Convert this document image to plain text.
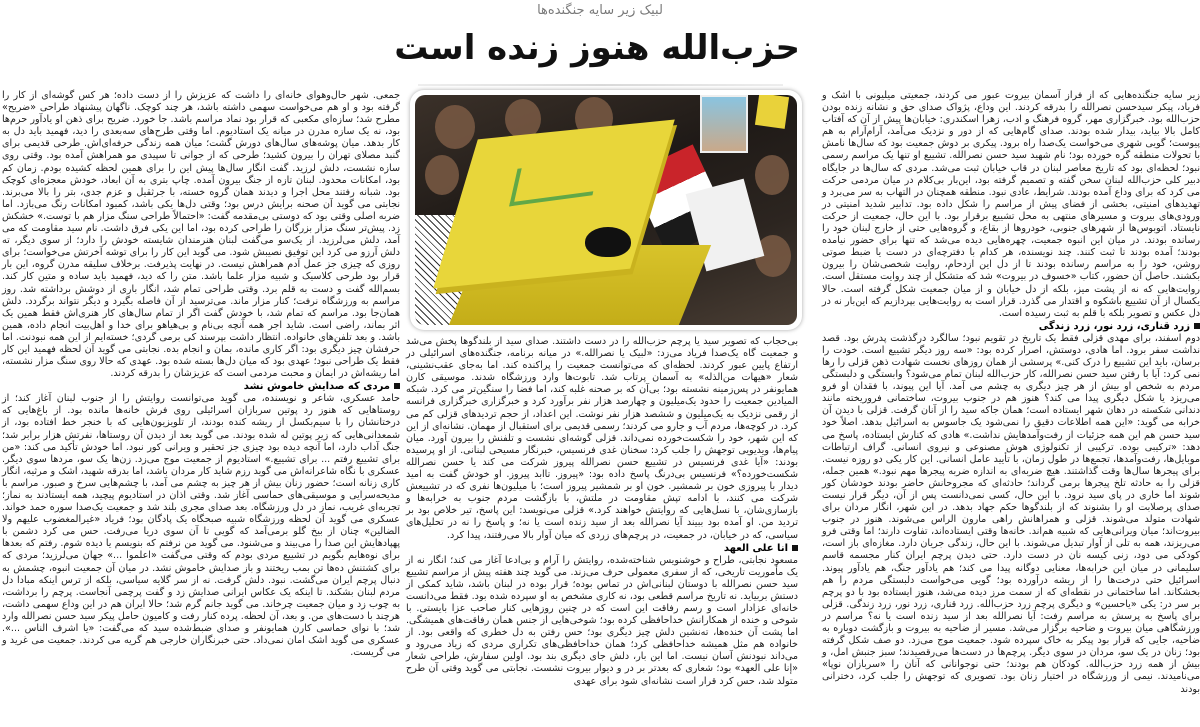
لبیک زیر سایه جنگنده‌ها
حزب‌الله هنوز زنده است

زیر سایه جنگنده‌هایی که از فراز آسمان بیروت عبور می کردند، جمعیتی میلیونی با اشک و فریاد، پیکر سیدحسن نصرالله را بدرقه کردند. این وداع، پژواک صدای حق و نشانه زنده بودن حزب‌الله بود. خبرگزاری مهر، گروه فرهنگ و ادب، زهرا اسکندری: خیابان‌ها پیش از آن که آفتاب کامل بالا بیاید، بیدار شده بودند. صدای گام‌هایی که از دور و نزدیک می‌آمد، آرام‌آرام به هم پیوست؛ گویی شهری می‌خواست یک‌صدا راه برود. پیکری بر دوش جمعیت بود که سال‌ها نامش با تحولات منطقه گره خورده بود؛ نام شهید سید حسن نصرالله. تشییع او تنها یک مراسم رسمی نبود؛ لحظه‌ای بود که تاریخ معاصر لبنان در قاب خیابان ثبت می‌شد. مردی که سال‌ها در جایگاه دبیر کلی حزب‌الله لبنان سخن گفته و تصمیم گرفته بود، این‌بار بی‌کلام در میان مردمی حرکت می کرد که برای وداع آمده بودند. شرایط، عادی نبود. منطقه همچنان در التهاب به سر می‌برد و تهدیدهای امنیتی، بخشی از فضای پیش از مراسم را شکل داده بود. تدابیر شدید امنیتی در ورودی‌های بیروت و مسیرهای منتهی به محل تشییع برقرار بود. با این حال، جمعیت از حرکت نایستاد. اتوبوس‌ها از شهرهای جنوبی، خودروها از بقاع، و گروه‌هایی حتی از خارج لبنان خود را رسانده بودند. در میان این انبوه جمعیت، چهره‌هایی دیده می‌شد که تنها برای حضور نیامده بودند؛ آمده بودند تا ثبت کنند. چند نویسنده، هر کدام با دفترچه‌ای در دست یا ضبط صوتی روشن، خود را به مراسم رسانده بودند تا از دل این ازدحام، روایت شخصی‌شان را بیرون بکشند. حاصل آن حضور، کتاب «خسوف در بیروت» شد که متشکل از چند روایت مستقل است. روایت‌هایی که نه از پشت میز، بلکه از دل خیابان و از میان جمعیت شکل گرفته است. حالا یکسال از آن تشییع باشکوه و اقتدار می گذرد. قرار است به روایت‌هایی بپردازیم که این‌بار نه در دل عکس و تصویر بلکه با قلم به ثبت رسیده است.

زرد قناری، زرد نور، زرد زندگی

دوم اسفند، برای مهدی قزلی فقط یک تاریخ در تقویم نبود؛ سالگرد درگذشت پدرش بود. قصد نداشت سفر برود. اما هادی، دوستش، اصرار کرده بود: «سه روز دیگر تشییع است. خودت را برسان، باید این تشییع را درک کنی.» پرسشی از همان روزهای نخست شهادت ذهن قزلی را رها نمی کرد: آیا با رفتن سید حسن نصرالله، کار حزب‌الله لبنان تمام می‌شود؟ وابستگی و دلبستگی مردم به شخص او بیش از هر چیز دیگری به چشم می آمد. آیا این پیوند، با فقدان او فرو می‌ریزد یا شکل دیگری پیدا می کند؟ هنوز هم در جنوب بیروت، ساختمانی فروریخته مانند دندانی شکسته در دهان شهر ایستاده است؛ همان جاکه سید را از آنان گرفت. قزلی با دیدن آن خرابه می گوید: «این همه اطلاعات دقیق را نمی‌شود یک جاسوس به اسرائیل بدهد. اصلاً خود سید حسن هم این همه جزئیات از رفت‌وآمدهایش نداشت.» هادی که کنارش ایستاده، پاسخ می دهد: «ترکیبی بوده. ترکیبی از تکنولوژی هوش مصنوعی و نیروی انسانی. گراف ارتباطات موبایل‌ها، رفت‌وآمدها، تجمع‌ها در طول زمان، با تأیید عامل انسانی. این کار یکی دو روزه نیست. برای پیجرها سال‌ها وقت گذاشتند. هیچ ضربه‌ای به اندازه ضربه پیجرها مهم نبود.» همین جمله، قزلی را به حادثه تلخ پیجرها برمی گرداند؛ حادثه‌ای که مجروحانش حاضر بودند خودشان کور شوند اما خاری در پای سید نرود. با این حال، کسی نمی‌دانست پس از آن، دیگر قرار نیست صدای پرصلابت او را بشنوند که از بلندگوها حکم جهاد بدهد. در این شهر، انگار مردان برای شهادت متولد می‌شوند. قزلی و همراهانش راهی مارون الراس می‌شوند. هنوز در جنوب بیروت‌اند؛ میان ویرانی‌هایی که شبیه هم‌اند. خانه‌ها وقتی ایستاده‌اند، تفاوت دارند؛ اما وقتی فرو می‌ریزند، همه به تلی از آوار تبدیل می‌شوند. با این حال، زندگی جریان دارد. مغازه‌ای باز است، کودکی می دود، زنی کیسه نان در دست دارد. حتی دیدن پرچم ایران کنار مجسمه قاسم سلیمانی در میان این خرابه‌ها، معنایی دوگانه پیدا می کند؛ هم یادآور جنگ، هم یادآور پیوند. اسرائیل حتی درخت‌ها را از ریشه درآورده بود؛ گویی می‌خواست دلبستگی مردم را هم بخشکاند. اما ساختمانی در نقطه‌ای که از سمت مرز دیده می‌شد، هنوز ایستاده بود با دو پرچم بر سر در: یکی «یاحسین» و دیگری پرچم زرد حزب‌الله. زرد قناری، زرد نور، زرد زندگی. قزلی برای پاسخ به پرسش به مراسم رفت: آیا نصرالله بعد از سید زنده است یا نه؟ مراسم در ورزشگاهی میان بیروت و ضاحیه برگزار می‌شد. مسیر از ضاحیه به بیروت و بازگشت دوباره به ضاحیه، جایی که قرار بود پیکر به خاک سپرده شود. جمعیت موج می‌زد. دو صف شکل گرفته بود؛ زنان در یک سو، مردان در سوی دیگر. پرچم‌ها در دست‌ها می‌رقصیدند؛ سبز جنبش امل، و بیش از همه زرد حزب‌الله. کودکان هم بودند؛ حتی نوجوانانی که آنان را «سربازان نوپا» می‌نامیدند. نیمی از ورزشگاه در اختیار زنان بود. تصویری که توجهش را جلب کرد، دخترانی بودند

بی‌حجاب که تصویر سید یا پرچم حزب‌الله را در دست داشتند. صدای سید از بلندگوها پخش می‌شد و جمعیت گاه یک‌صدا فریاد می‌زد: «لبیک یا نصرالله.» در میانه برنامه، جنگنده‌های اسرائیلی در ارتفاع پایین عبور کردند. لحظه‌ای که می‌توانست جمعیت را پراکنده کند. اما به‌جای عقب‌نشینی، شعار «هیهات من‌الذله» به آسمان پرتاب شد. تابوت‌ها وارد ورزشگاه شدند. موسیقی کارن همایونفر در پس‌زمینه نشسته بود؛ بی‌آن که بر صحنه غلبه کند، اما فضا را سنگین‌تر می کرد. شبکه المیادین جمعیت را حدود یک‌میلیون و چهارصد هزار نفر برآورد کرد و خبرگزاری خبرگزاری فرانسه از رقمی نزدیک به یک‌میلیون و ششصد هزار نفر نوشت. این اعداد، از حجم تردیدهای قزلی کم می کرد. در کوچه‌ها، مردم آب و جارو می کردند؛ رسمی قدیمی برای استقبال از مهمان. نشانه‌ای از این که این شهر، خود را شکست‌خورده نمی‌داند. قزلی گوشه‌ای نشست و تلفنش را بیرون آورد. میان پیام‌ها، ویدیویی توجهش را جلب کرد: سخنان غدی فرنسیس، خبرنگار مسیحی لبنانی. از او پرسیده بودند: «آیا غدی فرنسیس در تشییع حسن نصرالله پیروز شرکت می کند یا حسن نصرالله شکست‌خورده؟» فرنسیس بی‌درنگ پاسخ داده بود: «پیروز. تاابد پیروز. او خودش گفت به امید دیدار با پیروزی خون بر شمشیر. خون او بر شمشیر پیروز است؛ با میلیون‌ها نفری که در تشییعش شرکت می کنند، با ادامه تپش مقاومت در ملتش، با بازگشت مردم جنوب به خرابه‌ها و بازسازی‌شان، با نسل‌هایی که روایتش خواهند کرد.» قزلی می‌نویسد: این پاسخ، تیر خلاص بود بر تردید من. او آمده بود ببیند آیا نصرالله بعد از سید زنده است یا نه؛ و پاسخ را نه در تحلیل‌های سیاسی، که در خیابان، در جمعیت، در پرچم‌های زردی که میان آوار بالا می‌رفتند، پیدا کرد.

انا علی العهد

مسعود نجابتی، طراح و خوشنویس شناخته‌شده، روایتش را آرام و بی‌ادعا آغاز می کند؛ انگار نه از یک مأموریت تاریخی، که از سفری معمولی حرف می‌زند. می گوید چند هفته پیش از مراسم تشییع سید حسن نصرالله با دوستان لبنانی‌اش در تماس بوده؛ قرار بوده در لبنان باشد، شاید کمکی از دستش بربیاید. نه تاریخ مراسم قطعی بود، نه کاری مشخص به او سپرده شده بود. فقط می‌دانست خانه‌ای عزادار است و رسم رفاقت این است که در چنین روزهایی کنار صاحب عزا بایستی. با شوخی و خنده از همکارانش خداحافظی کرده بود؛ شوخی‌هایی از جنس همان رفاقت‌های همیشگی. اما پشت آن خنده‌ها، ته‌نشین دلش چیز دیگری بود؛ حس رفتن به دل خطری که واقعی بود. از خانواده هم مثل همیشه خداحافظی کرد؛ همان خداحافظی‌های تکراری مردی که زیاد می‌رود و می‌داند نبودنش آسان نیست. اما این بار، دلش جای دیگری بند بود. اولین سفارش، طراحی شعار «إنا علی العهد» بود؛ شعاری که بعدتر بر در و دیوار بیروت نشست. نجابتی می گوید وقتی آن طرح متولد شد، حس کرد قرار است نشانه‌ای شود برای عهدی

جمعی. شهر حال‌وهوای خانه‌ای را داشت که عزیزش را از دست داده؛ هر کس گوشه‌ای از کار را گرفته بود و او هم می‌خواست سهمی داشته باشد، هر چند کوچک. ناگهان پیشنهاد طراحی «ضریح» مطرح شد؛ سازه‌ای مکعبی که قرار بود نماد مراسم باشد. جا خورد. ضریح برای ذهن او یادآور حرم‌ها بود، نه یک سازه مدرن در میانه یک استادیوم. اما وقتی طرح‌های سه‌بعدی را دید، فهمید باید دل به کار بدهد. میان پوشه‌های سال‌های دورش گشت؛ میان همه زندگی حرفه‌ای‌اش. طرحی قدیمی برای گنبد مصلای تهران را بیرون کشید؛ طرحی که از جوانی تا سپیدی مو همراهش آمده بود. وقتی روی سازه نشست، دلش لرزید. گفت انگار سال‌ها پیش این را برای همین لحظه کشیده بودم. زمان کم بود، امکانات محدود. لبنان تازه از جنگ بیرون آمده. چاپ بتری به آن ابعاد، خودش معجزه‌ای کوچک بود. شبانه رفتند محل اجرا و دیدند همان گروه خسته، با جرثقیل و عزم جدی، بتر را بالا می‌برند. نجابتی می گوید آن صحنه برایش درس بود؛ وقتی دل‌ها یکی باشد، کمبود امکانات رنگ می‌بازد. اما ضربه اصلی وقتی بود که دوستی بی‌مقدمه گفت: «احتمالاً طراحی سنگ مزار هم با توست.» خشکش زد. پیش‌تر سنگ مزار بزرگان را طراحی کرده بود، اما این یکی فرق داشت. نام سید مقاومت که می آمد، دلش می‌لرزید. از یک‌سو می‌گفت لبنان هنرمندان شایسته خودش را دارد؛ از سوی دیگر، ته دلش آرزو می کرد این توفیق نصیبش شود. می گوید این کار را برای توشه آخرتش می‌خواست؛ برای روزی که چیزی جز عمل آدم همراهش نیست. در نهایت پذیرفت. برخلاف سلیقه مدرن گروه، این بار قرار بود طرحی کلاسیک و شبیه مزار علما باشد. متن را که دید، فهمید باید ساده و متین کار کند. بسم‌الله گفت و دست به قلم برد. وقتی طراحی تمام شد، انگار باری از دوشش برداشته شد. روز مراسم به ورزشگاه نرفت؛ کنار مزار ماند. می‌ترسید از آن فاصله بگیرد و دیگر نتواند برگردد. دلش همان‌جا بود. مراسم که تمام شد، با خودش گفت اگر از تمام سال‌های کار هنری‌اش فقط همین یک اثر بماند، راضی است. شاید اجر همه آنچه بی‌نام و بی‌هیاهو برای خدا و اهل‌بیت انجام داده، همین باشد. و بعد تلفن‌های خانواده. انتظار داشت بپرسند کی برمی گردی؛ خسته‌ایم از این همه نبودنت. اما حرفشان چیز دیگری بود: اگر کاری مانده، بمان و انجام بده. نجابتی می گوید آن لحظه فهمید این کار فقط یک طراحی نبود؛ عهدی بود که میان دل‌ها بسته شده بود. عهدی که حالا روی سنگ مزار نشسته، اما ریشه‌اش در ایمان و محبت مردمی است که عزیزشان را بدرقه کردند.

مردی که صدایش خاموش نشد

حامد عسکری، شاعر و نویسنده، می گوید می‌توانست روایتش را از جنوب لبنان آغاز کند؛ از روستاهایی که هنوز رد پوتین سربازان اسرائیلی روی فرش خانه‌ها مانده بود. از باغ‌هایی که درختانشان را با سیم‌بکسل از ریشه کنده بودند، از تلویزیون‌هایی که با خنجر خط افتاده بود، از شمعدانی‌هایی که زیر پوتین له شده بودند. می گوید بعد از دیدن آن روستاها، نفرتش هزار برابر شد؛ جنگ آداب دارد، اما آنچه دیده بود چیزی جز تحقیر و ویرانی کور نبود. اما خودش تأکید می کند: «من برای تشییع رفتم ... برای تشییع.» استادیوم از جمعیت موج می‌زد. زن‌ها یک سو، مردها سوی دیگر. عسکری با نگاه شاعرانه‌اش می گوید رزم شاید کار مردان باشد، اما بدرقه شهید، اشک و مرثیه، انگار کاری زنانه است؛ حضور زنان بیش از هر چیز به چشم می آمد، با چشم‌هایی سرخ و صبور. مراسم با مدیحه‌سرایی و موسیقی‌های حماسی آغاز شد. وقتی اذان در استادیوم پیچید، همه ایستادند به نماز؛ تجربه‌ای غریب، نماز در دل ورزشگاه. بعد صدای مجری بلند شد و جمعیت یک‌صدا سوره حمد خواند. عسکری می گوید آن لحظه ورزشگاه شبیه صبحگاه یک پادگان بود؛ فریاد «غیرالمغضوب علیهم ولا الضالین» چنان از بیخ گلو برمی‌آمد که گویی تا آن سوی دریا می‌رفت. حس می کرد دشمن با پهپادهایش این صدا را می‌بیند و می‌شنود. می گوید من نرفتم که بنویسم یا دیده شوم. رفتم که بعدها برای نوه‌هایم بگویم در تشییع مردی بودم که وقتی می‌گفت «اعلموا ...» جهان می‌لرزید؛ مردی که برای کشتنش ده‌ها تن بمب ریختند و باز صدایش خاموش نشد. در میان آن جمعیت انبوه، چشمش به دنبال پرچم ایران می‌گشت. نبود. دلش گرفت. نه از سر گلایه سیاسی، بلکه از ترس اینکه مبادا دل مردم لبنان بشکند. تا اینکه یک عکاس ایرانی صدایش زد و گفت پرچمی آنجاست. پرچم را برداشت، به چوب زد و میان جمعیت چرخاند. می گوید جانم گرم شد؛ حالا ایران هم در این وداع سهمی داشت، هرچند با دست‌های من. و بعد، آن لحظه. پرده کنار رفت و کامیون حامل پیکر سید حسن نصرالله وارد شد؛ با نوای حماسی کارن همایونفر و صدای ضبط‌شده سید که می‌گفت: «یا اشرف الناس ...». عسکری می گوید اشک امان نمی‌داد. حتی خبرنگاران خارجی هم گریه می کردند. جمعیت می غرید و می گریست.
